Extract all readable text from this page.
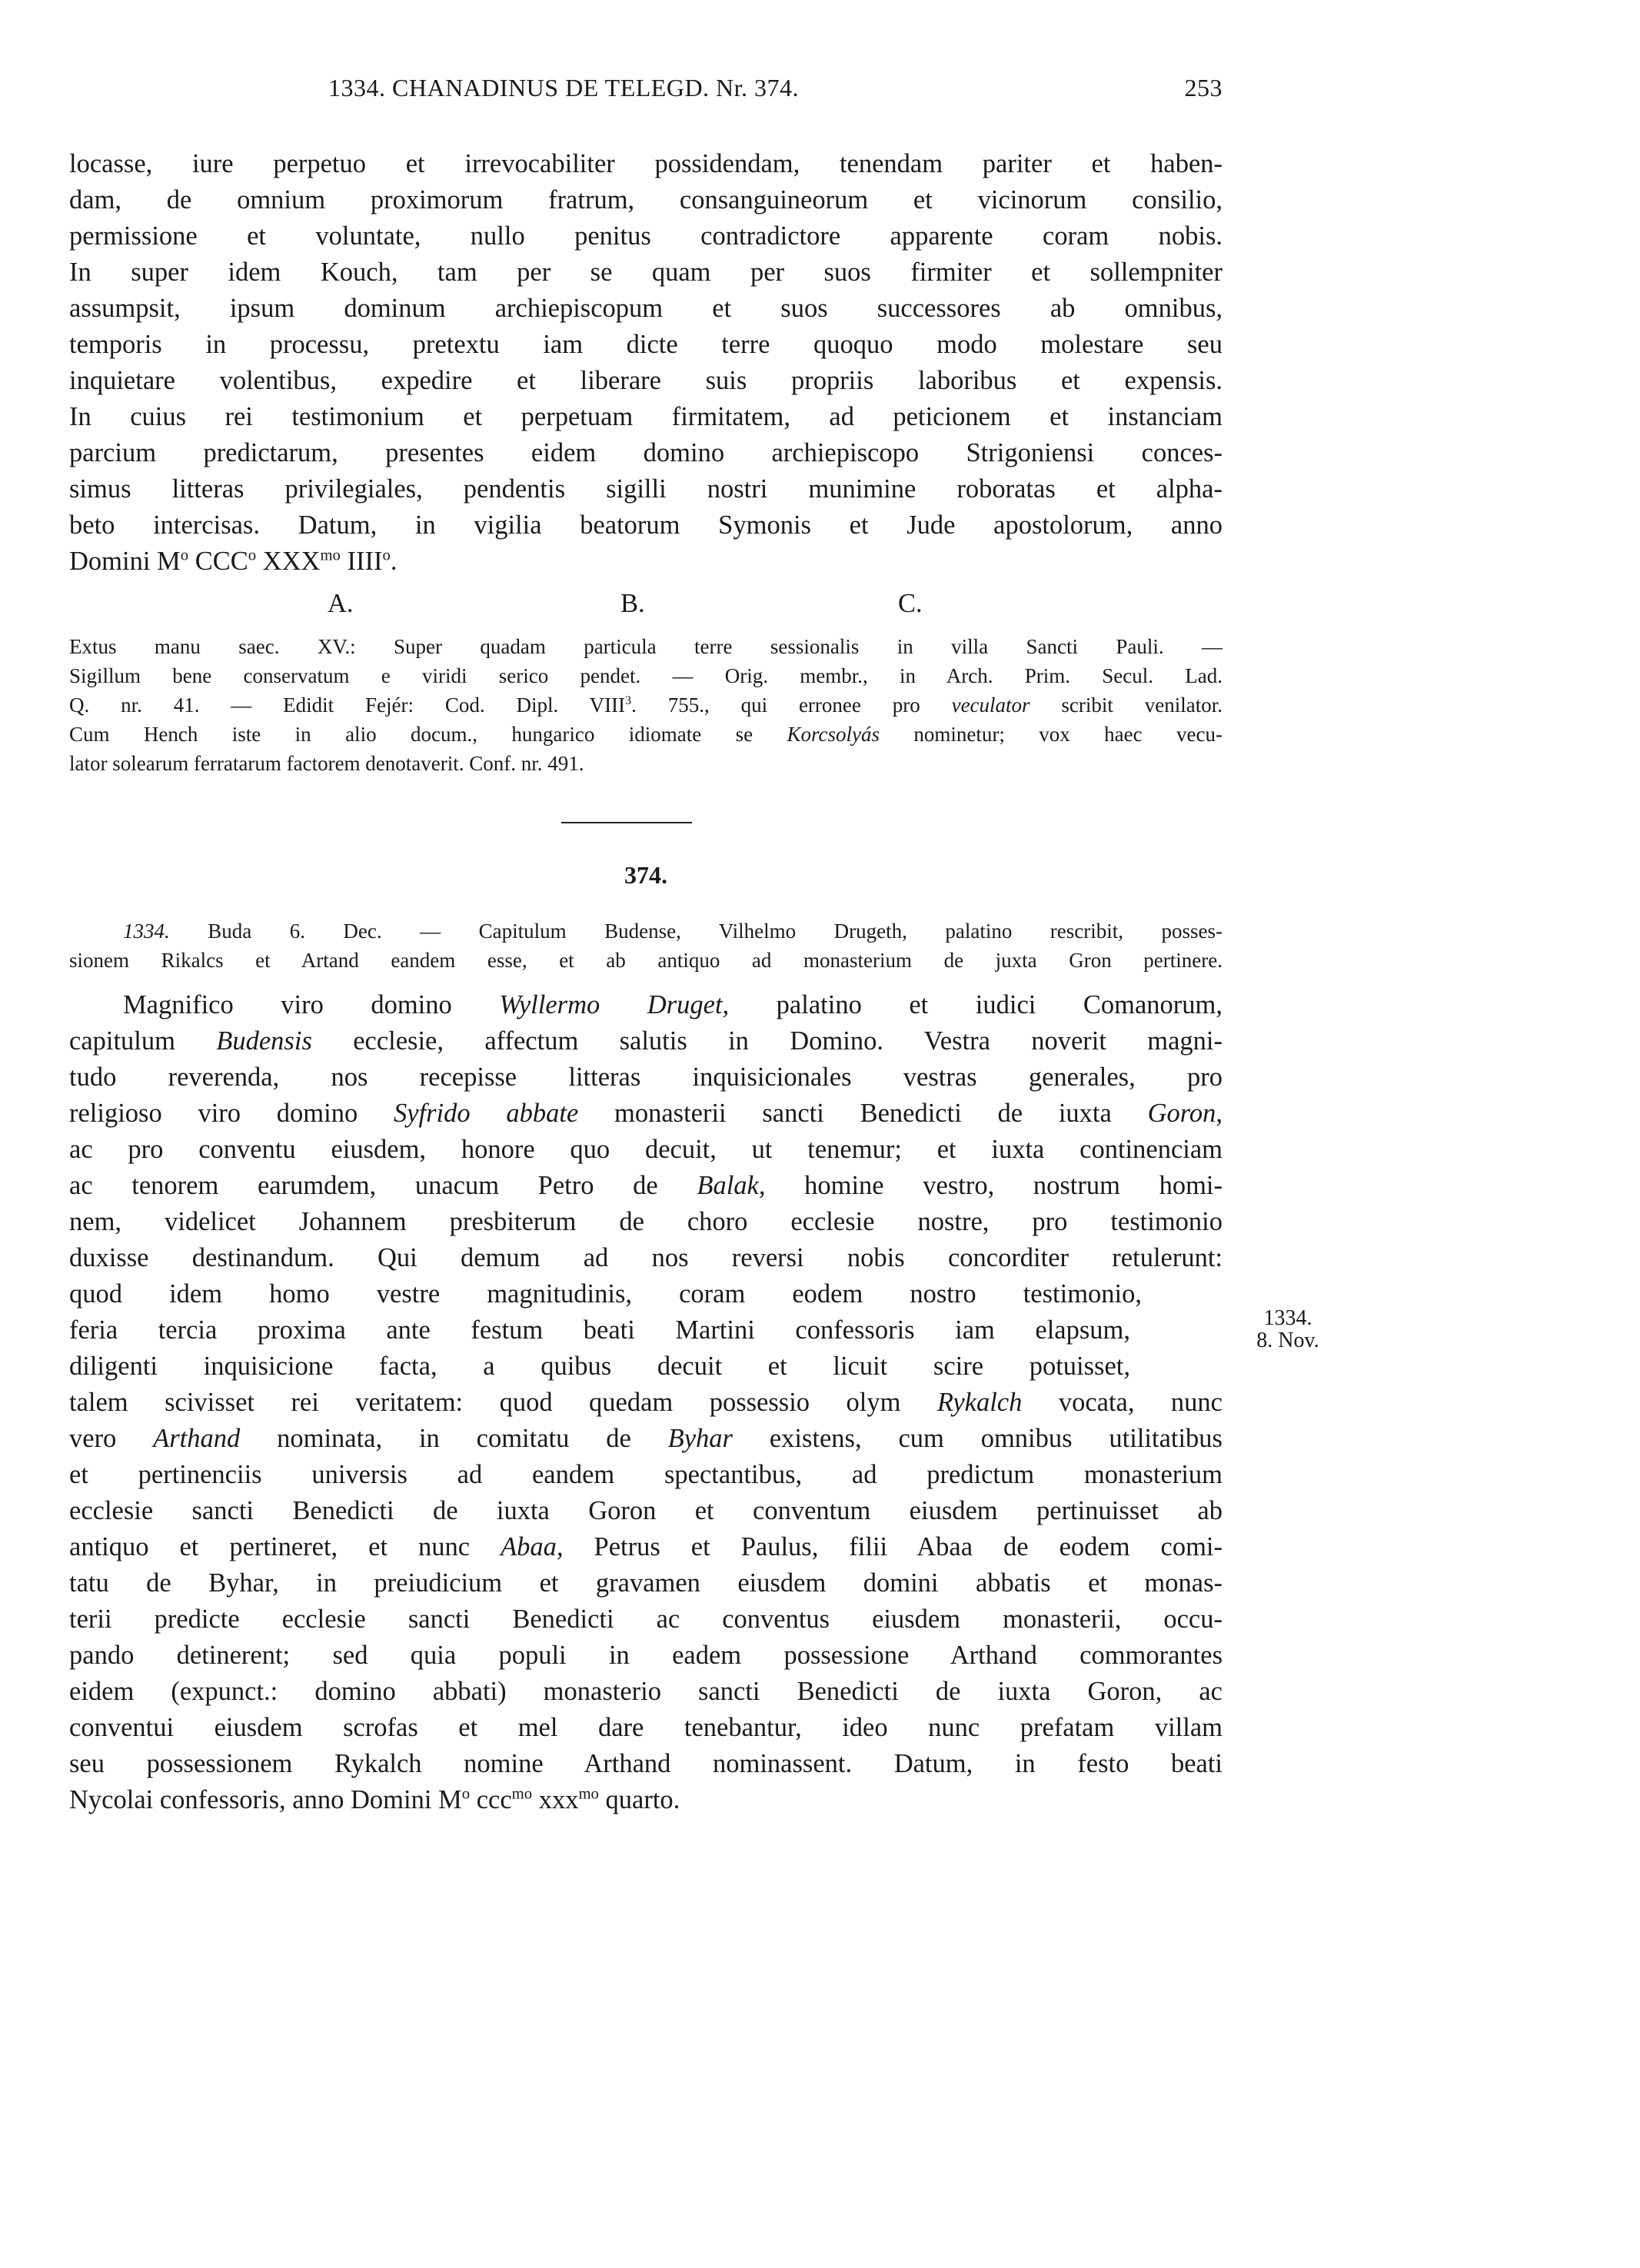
1334. CHANADINUS DE TELEGD. Nr. 374.	253
locasse, iure perpetuo et irrevocabiliter possidendam, tenendam pariter et haben-
dam, de omnium proximorum fratrum, consanguineorum et vicinorum consilio,
permissione et voluntate, nullo penitus contradictore apparente coram nobis.
In super idem Kouch, tam per se quam per suos firmiter et sollempniter
assumpsit, ipsum dominum archiepiscopum et suos successores ab omnibus,
temporis in processu, pretextu iam dicte terre quoquo modo molestare seu
inquietare volentibus, expedire et liberare suis propriis laboribus et expensis.
In cuius rei testimonium et perpetuam firmitatem, ad peticionem et instanciam
parcium predictarum, presentes eidem domino archiepiscopo Strigoniensi conces-
simus litteras privilegiales, pendentis sigilli nostri munimine roboratas et alpha-
beto intercisas. Datum, in vigilia beatorum Symonis et Jude apostolorum, anno
Domini $M^o$ CCC$^o$ $XXX^{mo}$ IIII$^o$.
A.	B.	C.
Extus manu saec. XV.: Super quadam particula terre sessionalis in villa Sancti Pauli. —
Sigillum bene conservatum e viridi serico pendet. — Orig. membr., in Arch. Prim. Secul. Lad.
Q. nr. 41. — Edidit Fejér: Cod. Dipl. VIII$^3$. 755., qui erronee pro veculator scribit venilator.
Cum Hench iste in alio docum., hungarico idiomate se Korcsolyás nominetur; vox haec vecu-
lator solearum ferratarum factorem denotaverit. Conf. nr. 491.
374.
1334. Buda 6. Dec. — Capitulum Budense, Vilhelmo Drugeth, palatino rescribit, posses-
sionem Rikalcs et Artand eandem esse, et ab antiquo ad monasterium de juxta Gron pertinere.
Magnifico viro domino Wyllermo Druget, palatino et iudici Comanorum,
capitulum Budensis ecclesie, affectum salutis in Domino. Vestra noverit magni-
tudo reverenda, nos recepisse litteras inquisicionales vestras generales, pro
religioso viro domino Syfrido abbate monasterii sancti Benedicti de iuxta Goron,
ac pro conventu eiusdem, honore quo decuit, ut tenemur; et iuxta continenciam
ac tenorem earumdem, unacum Petro de Balak, homine vestro, nostrum homi-
nem, videlicet Johannem presbiterum de choro ecclesie nostre, pro testimonio
duxisse destinandum. Qui demum ad nos reversi nobis concorditer retulerunt:
quod idem homo vestre magnitudinis, coram eodem nostro testimonio,
feria tercia proxima ante festum beati Martini confessoris iam elapsum,
diligenti inquisicione facta, a quibus decuit et licuit scire potuisset,
talem scivisset rei veritatem: quod quedam possessio olym Rykalch vocata, nunc
vero Arthand nominata, in comitatu de Byhar existens, cum omnibus utilitatibus
et pertinenciis universis ad eandem spectantibus, ad predictum monasterium
ecclesie sancti Benedicti de iuxta Goron et conventum eiusdem pertinuisset ab
antiquo et pertineret, et nunc Abaa, Petrus et Paulus, filii Abaa de eodem comi-
tatu de Byhar, in preiudicium et gravamen eiusdem domini abbatis et monas-
terii predicte ecclesie sancti Benedicti ac conventus eiusdem monasterii, occu-
pando detinerent; sed quia populi in eadem possessione Arthand commorantes
eidem (expunct.: domino abbati) monasterio sancti Benedicti de iuxta Goron, ac
conventui eiusdem scrofas et mel dare tenebantur, ideo nunc prefatam villam
seu possessionem Rykalch nomine Arthand nominassent. Datum, in festo beati
Nycolai confessoris, anno Domini $M^o$ ccc$^{mo}$ xxx$^{mo}$ quarto.
1334.
8. Nov.
